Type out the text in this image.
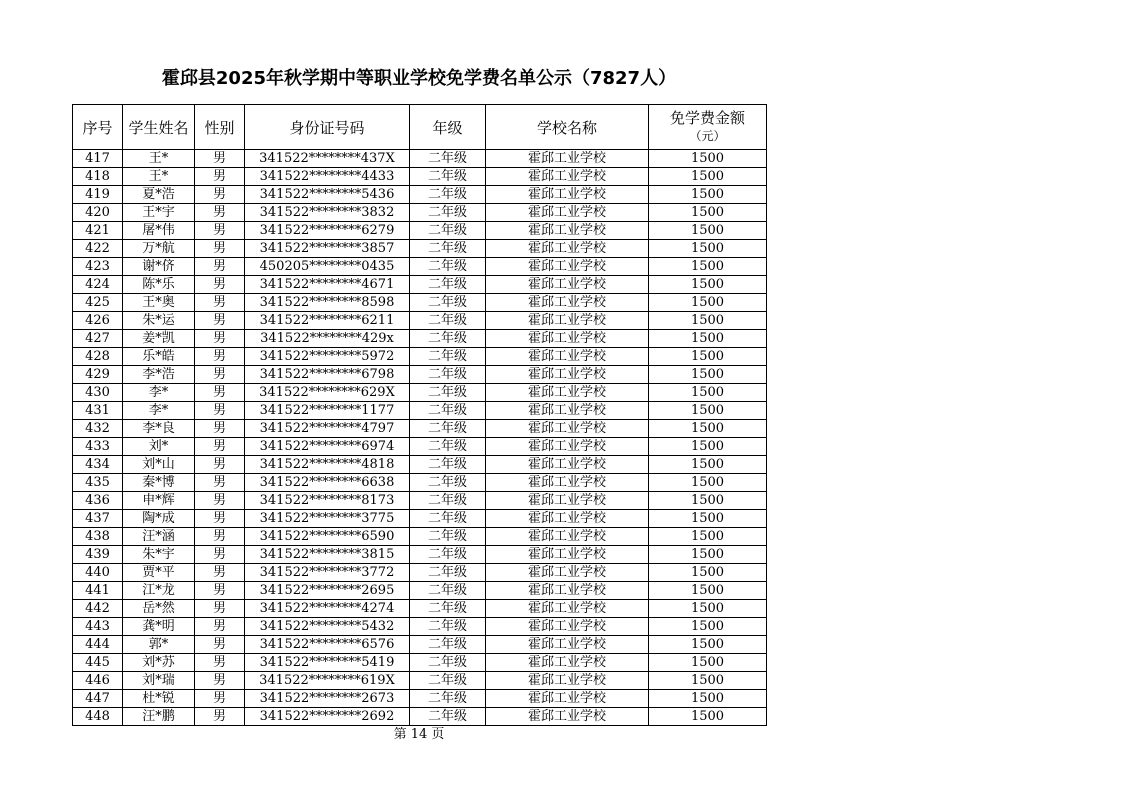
霍邱县2025年秋学期中等职业学校免学费名单公示（7827人）
序号	学生姓名	性别	身份证号码	年级	学校名称	免学费金额
（元）

417	王*	男	341522********437X	二年级	霍邱工业学校	1500
418	王*	男	341522********4433	二年级	霍邱工业学校	1500
419	夏*浩	男	341522********5436	二年级	霍邱工业学校	1500
420	王*宇	男	341522********3832	二年级	霍邱工业学校	1500
421	屠*伟	男	341522********6279	二年级	霍邱工业学校	1500
422	万*航	男	341522********3857	二年级	霍邱工业学校	1500
423	谢*侪	男	450205********0435	二年级	霍邱工业学校	1500
424	陈*乐	男	341522********4671	二年级	霍邱工业学校	1500
425	王*奥	男	341522********8598	二年级	霍邱工业学校	1500
426	朱*运	男	341522********6211	二年级	霍邱工业学校	1500
427	姜*凯	男	341522********429x	二年级	霍邱工业学校	1500
428	乐*皓	男	341522********5972	二年级	霍邱工业学校	1500
429	李*浩	男	341522********6798	二年级	霍邱工业学校	1500
430	李*	男	341522********629X	二年级	霍邱工业学校	1500
431	李*	男	341522********1177	二年级	霍邱工业学校	1500
432	李*良	男	341522********4797	二年级	霍邱工业学校	1500
433	刘*	男	341522********6974	二年级	霍邱工业学校	1500
434	刘*山	男	341522********4818	二年级	霍邱工业学校	1500
435	秦*博	男	341522********6638	二年级	霍邱工业学校	1500
436	申*辉	男	341522********8173	二年级	霍邱工业学校	1500
437	陶*成	男	341522********3775	二年级	霍邱工业学校	1500
438	汪*涵	男	341522********6590	二年级	霍邱工业学校	1500
439	朱*宇	男	341522********3815	二年级	霍邱工业学校	1500
440	贾*平	男	341522********3772	二年级	霍邱工业学校	1500
441	江*龙	男	341522********2695	二年级	霍邱工业学校	1500
442	岳*然	男	341522********4274	二年级	霍邱工业学校	1500
443	龚*明	男	341522********5432	二年级	霍邱工业学校	1500
444	郭*	男	341522********6576	二年级	霍邱工业学校	1500
445	刘*苏	男	341522********5419	二年级	霍邱工业学校	1500
446	刘*瑞	男	341522********619X	二年级	霍邱工业学校	1500
447	杜*锐	男	341522********2673	二年级	霍邱工业学校	1500
448	汪*鹏	男	341522********2692	二年级	霍邱工业学校	1500
第 14 页
